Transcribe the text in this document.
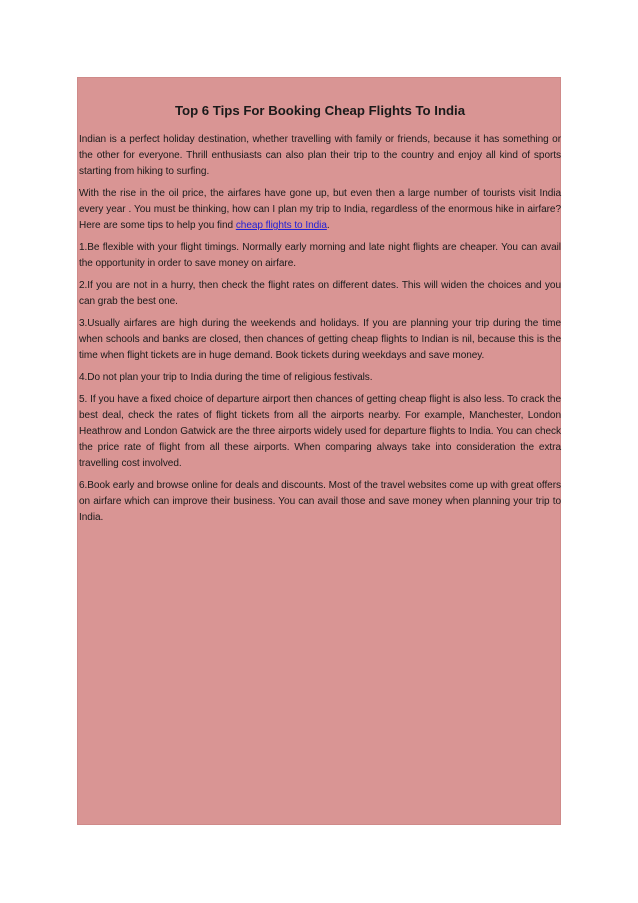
Top 6 Tips For Booking Cheap Flights To India

Indian is a perfect holiday destination, whether travelling with family or friends, because it has something or the other for everyone. Thrill enthusiasts can also plan their trip to the country and enjoy all kind of sports starting from hiking to surfing.

With the rise in the oil price, the airfares have gone up, but even then a large number of tourists visit India every year . You must be thinking, how can I plan my trip to India, regardless of the enormous hike in airfare? Here are some tips to help you find cheap flights to India.

1.Be flexible with your flight timings. Normally early morning and late night flights are cheaper. You can avail the opportunity in order to save money on airfare.

2.If you are not in a hurry, then check the flight rates on different dates. This will widen the choices and you can grab the best one.

3.Usually airfares are high during the weekends and holidays. If you are planning your trip during the time when schools and banks are closed, then chances of getting cheap flights to Indian is nil, because this is the time when flight tickets are in huge demand. Book tickets during weekdays and save money.

4.Do not plan your trip to India during the time of religious festivals.

5. If you have a fixed choice of departure airport then chances of getting cheap flight is also less. To crack the best deal, check the rates of flight tickets from all the airports nearby. For example, Manchester, London Heathrow and London Gatwick are the three airports widely used for departure flights to India. You can check the price rate of flight from all these airports. When comparing always take into consideration the extra travelling cost involved.

6.Book early and browse online for deals and discounts. Most of the travel websites come up with great offers on airfare which can improve their business. You can avail those and save money when planning your trip to India.
